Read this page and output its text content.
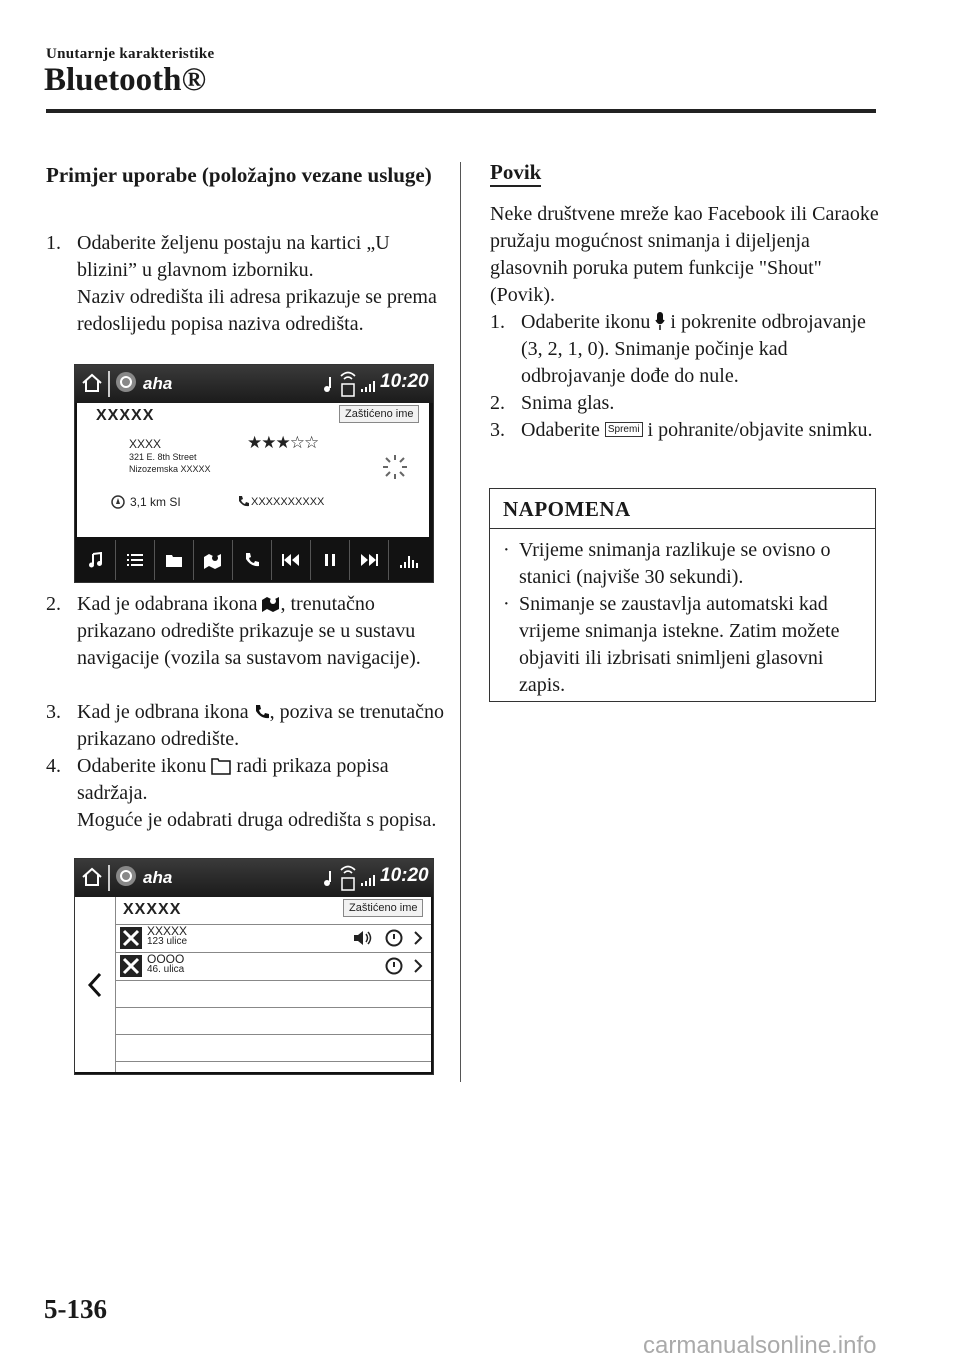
Unutarnje karakteristike
Bluetooth®
Primjer uporabe (položajno vezane usluge)
1. Odaberite željenu postaju na kartici „U blizini” u glavnom izborniku.
Naziv odredišta ili adresa prikazuje se prema redoslijedu popisa naziva odredišta.
aha	10:20
XXXXX	Zaštićeno ime
XXXX
321 E. 8th Street
Nizozemska XXXXX
★★★☆☆
3,1 km SI	XXXXXXXXXX
2. Kad je odabrana ikona , trenutačno prikazano odredište prikazuje se u sustavu navigacije (vozila sa sustavom navigacije).
3. Kad je odbrana ikona , poziva se trenutačno prikazano odredište.
4. Odaberite ikonu  radi prikaza popisa sadržaja.
Moguće je odabrati druga odredišta s popisa.
aha	10:20
XXXXX	Zaštićeno ime
XXXXX
123 ulice
OOOO
46. ulica
Povik
Neke društvene mreže kao Facebook ili Caraoke pružaju mogućnost snimanja i dijeljenja glasovnih poruka putem funkcije "Shout" (Povik).
1. Odaberite ikonu  i pokrenite odbrojavanje (3, 2, 1, 0). Snimanje počinje kad odbrojavanje dođe do nule.
2. Snima glas.
3. Odaberite Spremi i pohranite/objavite snimku.
NAPOMENA
· Vrijeme snimanja razlikuje se ovisno o stanici (najviše 30 sekundi).
· Snimanje se zaustavlja automatski kad vrijeme snimanja istekne. Zatim možete objaviti ili izbrisati snimljeni glasovni zapis.
5-136
carmanualsonline.info
